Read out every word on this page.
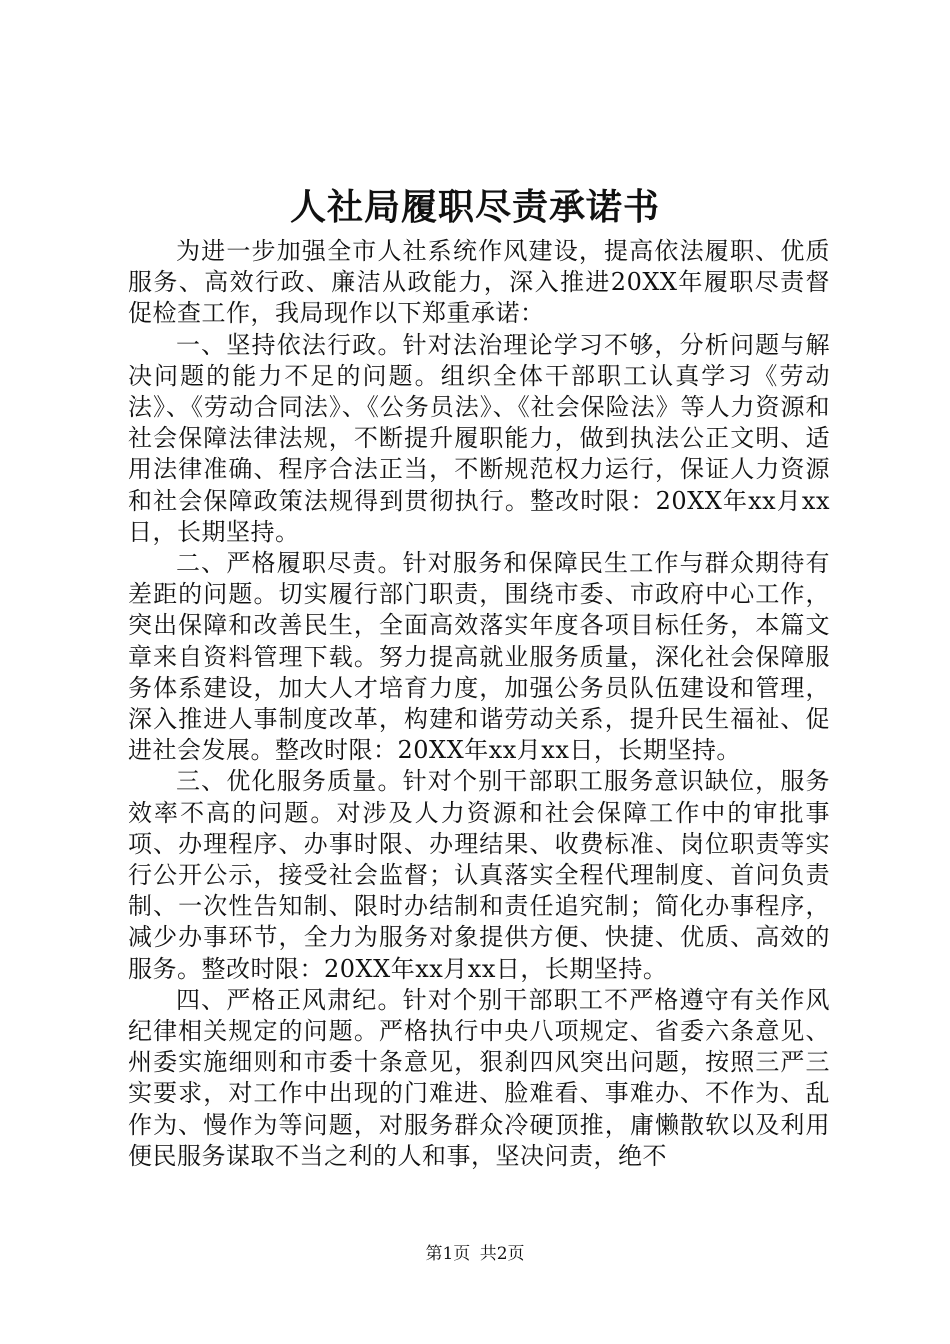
人社局履职尽责承诺书

为进一步加强全市人社系统作风建设，提高依法履职、优质服务、高效行政、廉洁从政能力，深入推进20XX年履职尽责督促检查工作，我局现作以下郑重承诺：

一、坚持依法行政。针对法治理论学习不够，分析问题与解决问题的能力不足的问题。组织全体干部职工认真学习《劳动法》、《劳动合同法》、《公务员法》、《社会保险法》等人力资源和社会保障法律法规，不断提升履职能力，做到执法公正文明、适用法律准确、程序合法正当，不断规范权力运行，保证人力资源和社会保障政策法规得到贯彻执行。整改时限：20XX年xx月xx日，长期坚持。

二、严格履职尽责。针对服务和保障民生工作与群众期待有差距的问题。切实履行部门职责，围绕市委、市政府中心工作，突出保障和改善民生，全面高效落实年度各项目标任务，本篇文章来自资料管理下载。努力提高就业服务质量，深化社会保障服务体系建设，加大人才培育力度，加强公务员队伍建设和管理，深入推进人事制度改革，构建和谐劳动关系，提升民生福祉、促进社会发展。整改时限：20XX年xx月xx日，长期坚持。

三、优化服务质量。针对个别干部职工服务意识缺位，服务效率不高的问题。对涉及人力资源和社会保障工作中的审批事项、办理程序、办事时限、办理结果、收费标准、岗位职责等实行公开公示，接受社会监督；认真落实全程代理制度、首问负责制、一次性告知制、限时办结制和责任追究制；简化办事程序，减少办事环节，全力为服务对象提供方便、快捷、优质、高效的服务。整改时限：20XX年xx月xx日，长期坚持。

四、严格正风肃纪。针对个别干部职工不严格遵守有关作风纪律相关规定的问题。严格执行中央八项规定、省委六条意见、州委实施细则和市委十条意见，狠刹四风突出问题，按照三严三实要求，对工作中出现的门难进、脸难看、事难办、不作为、乱作为、慢作为等问题，对服务群众冷硬顶推，庸懒散软以及利用便民服务谋取不当之利的人和事，坚决问责，绝不

第1页 共2页
